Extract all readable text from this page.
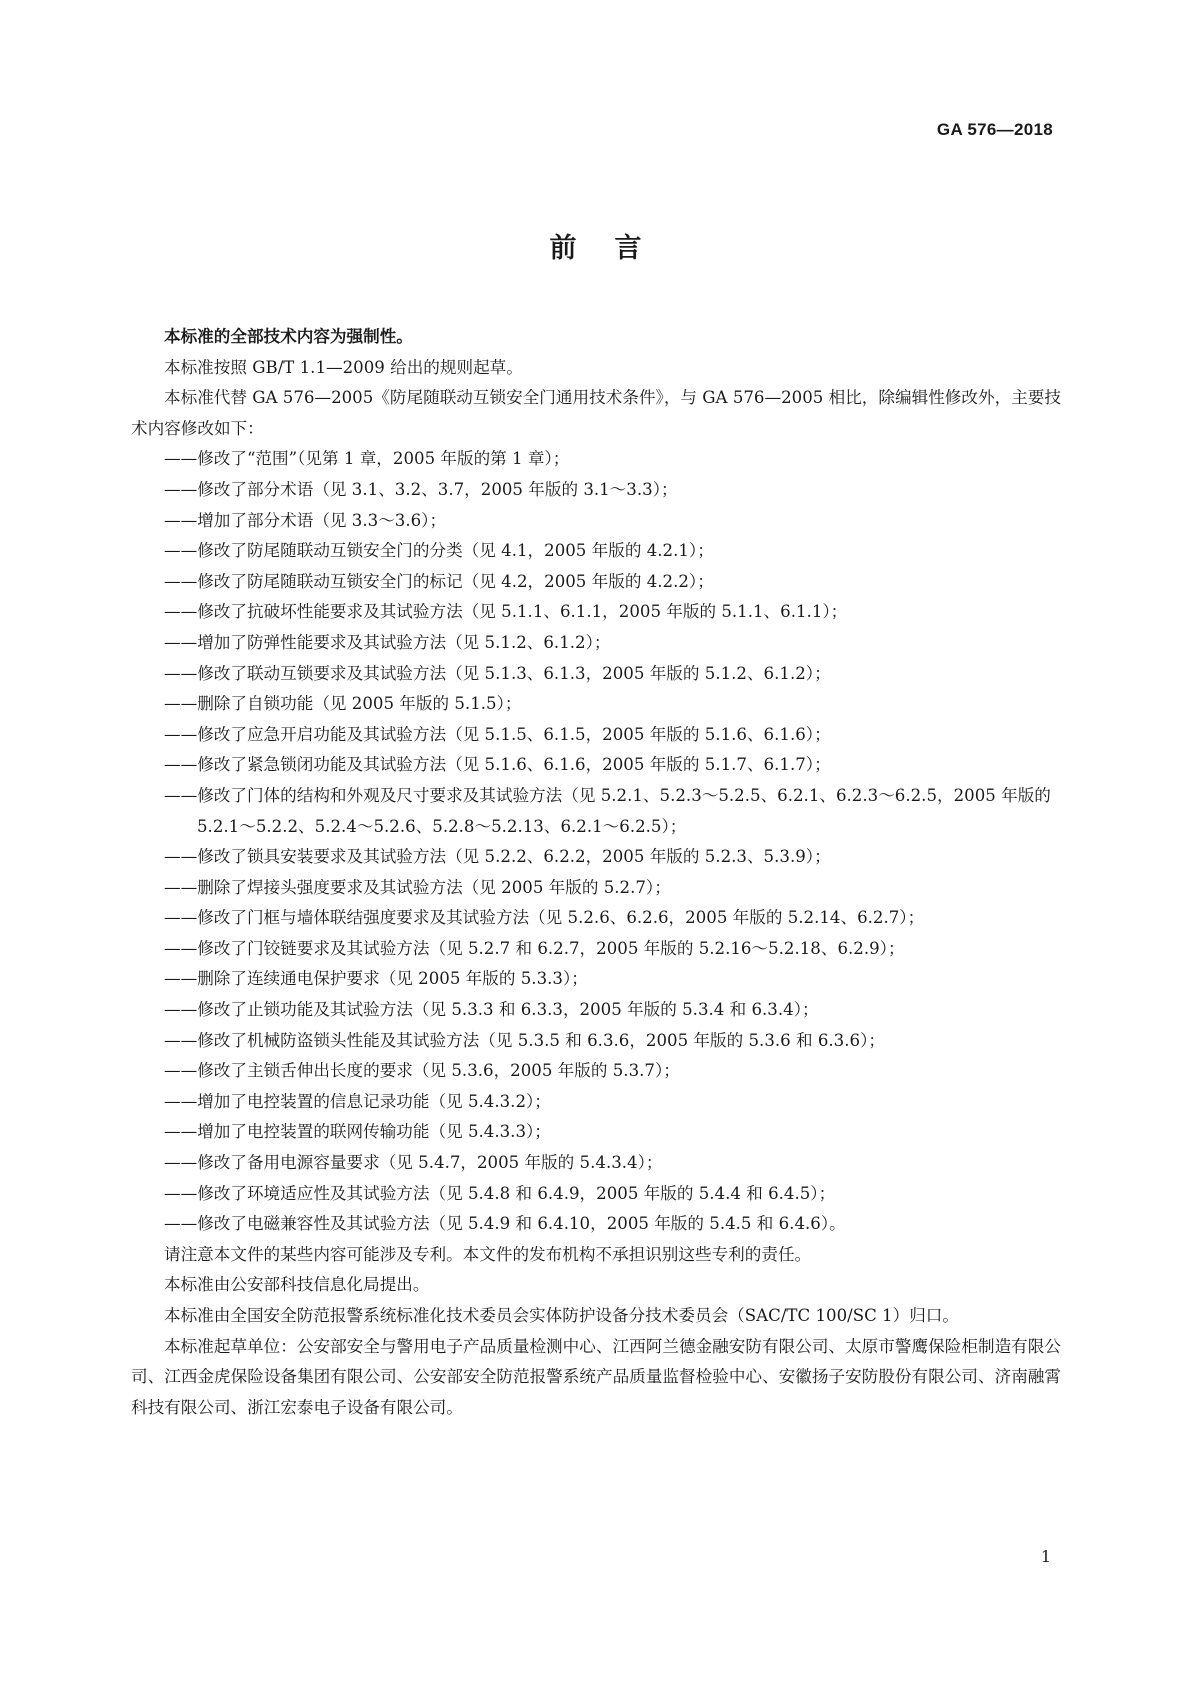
GA 576—2018
前言

本标准的全部技术内容为强制性。

本标准按照 GB/T 1.1—2009 给出的规则起草。

本标准代替 GA 576—2005《防尾随联动互锁安全门通用技术条件》，与 GA 576—2005 相比，除编辑性修改外，主要技术内容修改如下：

——修改了“范围”（见第 1 章，2005 年版的第 1 章）；

——修改了部分术语（见 3.1、3.2、3.7，2005 年版的 3.1～3.3）；

——增加了部分术语（见 3.3～3.6）；

——修改了防尾随联动互锁安全门的分类（见 4.1，2005 年版的 4.2.1）；

——修改了防尾随联动互锁安全门的标记（见 4.2，2005 年版的 4.2.2）；

——修改了抗破坏性能要求及其试验方法（见 5.1.1、6.1.1，2005 年版的 5.1.1、6.1.1）；

——增加了防弹性能要求及其试验方法（见 5.1.2、6.1.2）；

——修改了联动互锁要求及其试验方法（见 5.1.3、6.1.3，2005 年版的 5.1.2、6.1.2）；

——删除了自锁功能（见 2005 年版的 5.1.5）；

——修改了应急开启功能及其试验方法（见 5.1.5、6.1.5，2005 年版的 5.1.6、6.1.6）；

——修改了紧急锁闭功能及其试验方法（见 5.1.6、6.1.6，2005 年版的 5.1.7、6.1.7）；

——修改了门体的结构和外观及尺寸要求及其试验方法（见 5.2.1、5.2.3～5.2.5、6.2.1、6.2.3～6.2.5，2005 年版的 5.2.1～5.2.2、5.2.4～5.2.6、5.2.8～5.2.13、6.2.1～6.2.5）；

——修改了锁具安装要求及其试验方法（见 5.2.2、6.2.2，2005 年版的 5.2.3、5.3.9）；

——删除了焊接头强度要求及其试验方法（见 2005 年版的 5.2.7）；

——修改了门框与墙体联结强度要求及其试验方法（见 5.2.6、6.2.6，2005 年版的 5.2.14、6.2.7）；

——修改了门铰链要求及其试验方法（见 5.2.7 和 6.2.7，2005 年版的 5.2.16～5.2.18、6.2.9）；

——删除了连续通电保护要求（见 2005 年版的 5.3.3）；

——修改了止锁功能及其试验方法（见 5.3.3 和 6.3.3，2005 年版的 5.3.4 和 6.3.4）；

——修改了机械防盗锁头性能及其试验方法（见 5.3.5 和 6.3.6，2005 年版的 5.3.6 和 6.3.6）；

——修改了主锁舌伸出长度的要求（见 5.3.6，2005 年版的 5.3.7）；

——增加了电控装置的信息记录功能（见 5.4.3.2）；

——增加了电控装置的联网传输功能（见 5.4.3.3）；

——修改了备用电源容量要求（见 5.4.7，2005 年版的 5.4.3.4）；

——修改了环境适应性及其试验方法（见 5.4.8 和 6.4.9，2005 年版的 5.4.4 和 6.4.5）；

——修改了电磁兼容性及其试验方法（见 5.4.9 和 6.4.10，2005 年版的 5.4.5 和 6.4.6）。

请注意本文件的某些内容可能涉及专利。本文件的发布机构不承担识别这些专利的责任。

本标准由公安部科技信息化局提出。

本标准由全国安全防范报警系统标准化技术委员会实体防护设备分技术委员会（SAC/TC 100/SC 1）归口。

本标准起草单位：公安部安全与警用电子产品质量检测中心、江西阿兰德金融安防有限公司、太原市警鹰保险柜制造有限公司、江西金虎保险设备集团有限公司、公安部安全防范报警系统产品质量监督检验中心、安徽扬子安防股份有限公司、济南融霄科技有限公司、浙江宏泰电子设备有限公司。

1
